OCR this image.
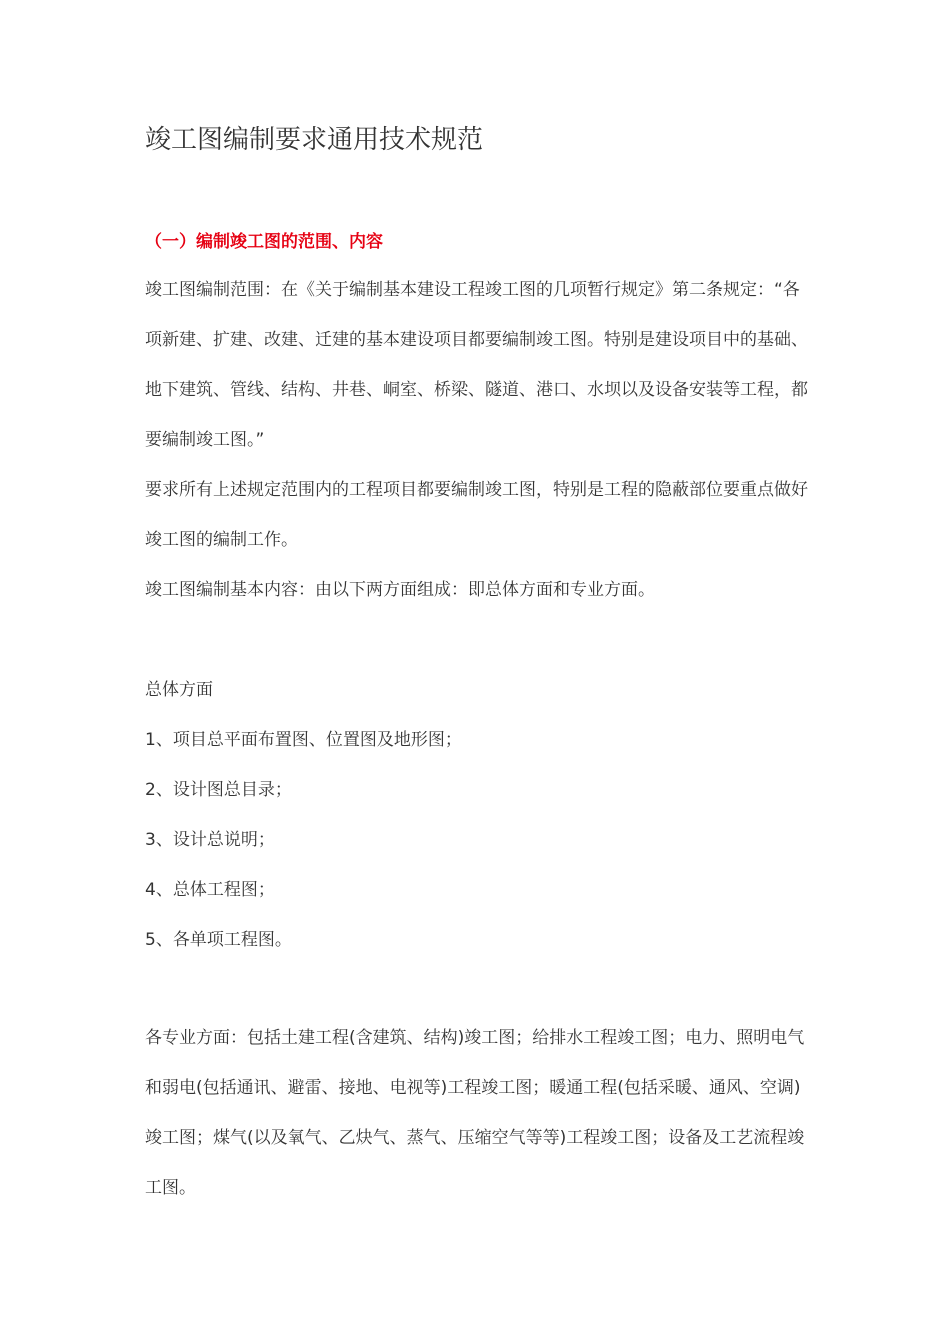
竣工图编制要求通用技术规范
（一）编制竣工图的范围、内容

竣工图编制范围：在《关于编制基本建设工程竣工图的几项暂行规定》第二条规定：“各项新建、扩建、改建、迁建的基本建设项目都要编制竣工图。特别是建设项目中的基础、地下建筑、管线、结构、井巷、峒室、桥梁、隧道、港口、水坝以及设备安装等工程，都要编制竣工图。”

要求所有上述规定范围内的工程项目都要编制竣工图，特别是工程的隐蔽部位要重点做好竣工图的编制工作。

竣工图编制基本内容：由以下两方面组成：即总体方面和专业方面。

总体方面

1、项目总平面布置图、位置图及地形图；
2、设计图总目录；
3、设计总说明；
4、总体工程图；
5、各单项工程图。

各专业方面：包括土建工程(含建筑、结构)竣工图；给排水工程竣工图；电力、照明电气和弱电(包括通讯、避雷、接地、电视等)工程竣工图；暖通工程(包括采暖、通风、空调)竣工图；煤气(以及氧气、乙炔气、蒸气、压缩空气等等)工程竣工图；设备及工艺流程竣工图。
